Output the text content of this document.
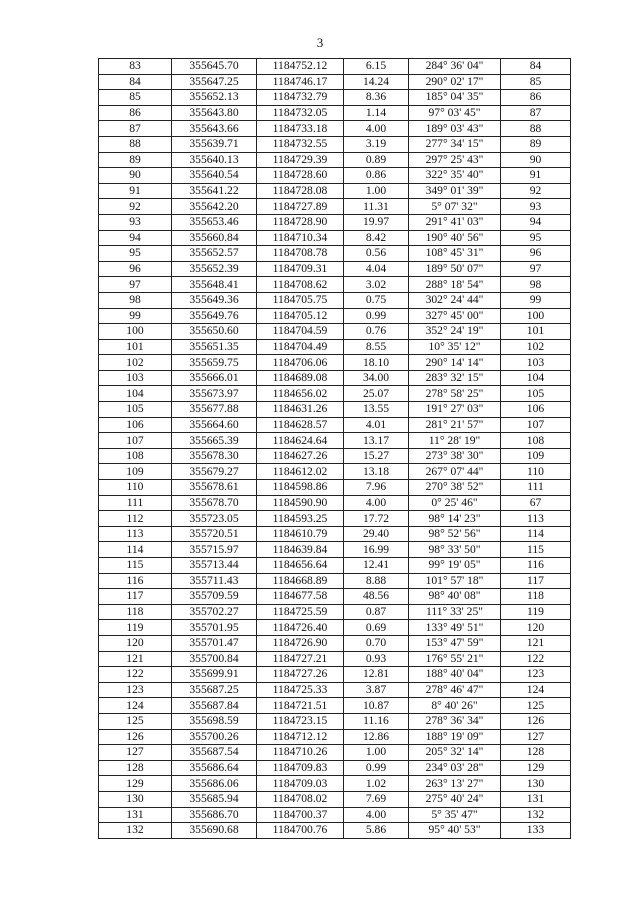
3
83	355645.70	1184752.12	6.15	284° 36' 04"	84
84	355647.25	1184746.17	14.24	290° 02' 17"	85
85	355652.13	1184732.79	8.36	185° 04' 35"	86
86	355643.80	1184732.05	1.14	97° 03' 45"	87
87	355643.66	1184733.18	4.00	189° 03' 43"	88
88	355639.71	1184732.55	3.19	277° 34' 15"	89
89	355640.13	1184729.39	0.89	297° 25' 43"	90
90	355640.54	1184728.60	0.86	322° 35' 40"	91
91	355641.22	1184728.08	1.00	349° 01' 39"	92
92	355642.20	1184727.89	11.31	5° 07' 32"	93
93	355653.46	1184728.90	19.97	291° 41' 03"	94
94	355660.84	1184710.34	8.42	190° 40' 56"	95
95	355652.57	1184708.78	0.56	108° 45' 31"	96
96	355652.39	1184709.31	4.04	189° 50' 07"	97
97	355648.41	1184708.62	3.02	288° 18' 54"	98
98	355649.36	1184705.75	0.75	302° 24' 44"	99
99	355649.76	1184705.12	0.99	327° 45' 00"	100
100	355650.60	1184704.59	0.76	352° 24' 19"	101
101	355651.35	1184704.49	8.55	10° 35' 12"	102
102	355659.75	1184706.06	18.10	290° 14' 14"	103
103	355666.01	1184689.08	34.00	283° 32' 15"	104
104	355673.97	1184656.02	25.07	278° 58' 25"	105
105	355677.88	1184631.26	13.55	191° 27' 03"	106
106	355664.60	1184628.57	4.01	281° 21' 57"	107
107	355665.39	1184624.64	13.17	11° 28' 19"	108
108	355678.30	1184627.26	15.27	273° 38' 30"	109
109	355679.27	1184612.02	13.18	267° 07' 44"	110
110	355678.61	1184598.86	7.96	270° 38' 52"	111
111	355678.70	1184590.90	4.00	0° 25' 46"	67
112	355723.05	1184593.25	17.72	98° 14' 23"	113
113	355720.51	1184610.79	29.40	98° 52' 56"	114
114	355715.97	1184639.84	16.99	98° 33' 50"	115
115	355713.44	1184656.64	12.41	99° 19' 05"	116
116	355711.43	1184668.89	8.88	101° 57' 18"	117
117	355709.59	1184677.58	48.56	98° 40' 08"	118
118	355702.27	1184725.59	0.87	111° 33' 25"	119
119	355701.95	1184726.40	0.69	133° 49' 51"	120
120	355701.47	1184726.90	0.70	153° 47' 59"	121
121	355700.84	1184727.21	0.93	176° 55' 21"	122
122	355699.91	1184727.26	12.81	188° 40' 04"	123
123	355687.25	1184725.33	3.87	278° 46' 47"	124
124	355687.84	1184721.51	10.87	8° 40' 26"	125
125	355698.59	1184723.15	11.16	278° 36' 34"	126
126	355700.26	1184712.12	12.86	188° 19' 09"	127
127	355687.54	1184710.26	1.00	205° 32' 14"	128
128	355686.64	1184709.83	0.99	234° 03' 28"	129
129	355686.06	1184709.03	1.02	263° 13' 27"	130
130	355685.94	1184708.02	7.69	275° 40' 24"	131
131	355686.70	1184700.37	4.00	5° 35' 47"	132
132	355690.68	1184700.76	5.86	95° 40' 53"	133
